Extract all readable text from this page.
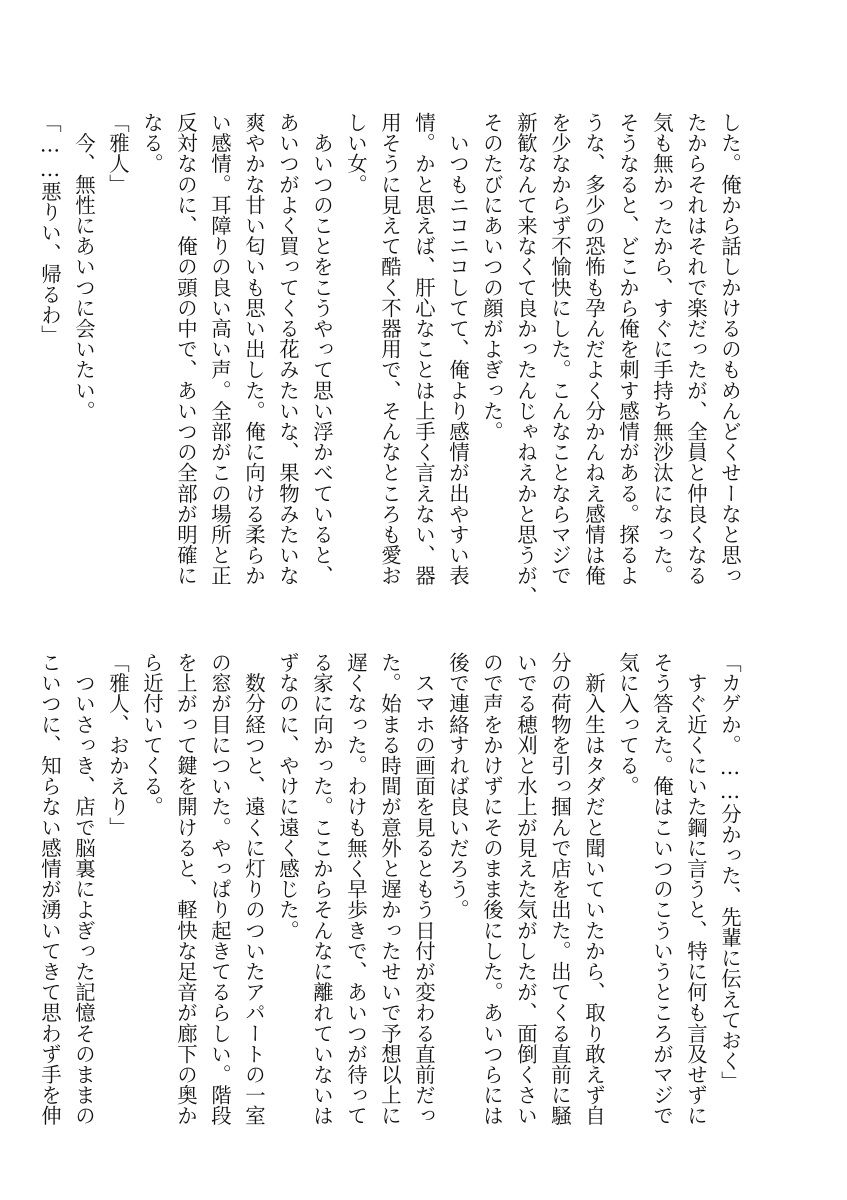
した。俺から話しかけるのもめんどくせーなと思っ
たからそれはそれで楽だったが、全員と仲良くなる
気も無かったから、すぐに手持ち無沙汰になった。
そうなると、どこから俺を刺す感情がある。探るよ
うな、多少の恐怖も孕んだよく分かんねえ感情は俺
を少なからず不愉快にした。こんなことならマジで
新歓なんて来なくて良かったんじゃねえかと思うが、
そのたびにあいつの顔がよぎった。
　いつもニコニコしてて、俺より感情が出やすい表
情。かと思えば、肝心なことは上手く言えない、器
用そうに見えて酷く不器用で、そんなところも愛お
しい女。
　あいつのことをこうやって思い浮かべていると、
あいつがよく買ってくる花みたいな、果物みたいな
爽やかな甘い匂いも思い出した。俺に向ける柔らか
い感情。耳障りの良い高い声。全部がこの場所と正
反対なのに、俺の頭の中で、あいつの全部が明確に
なる。
「雅人」
　今、無性にあいつに会いたい。
「……悪りい、帰るわ」
「カゲか。……分かった、先輩に伝えておく」
　すぐ近くにいた鋼に言うと、特に何も言及せずに
そう答えた。俺はこいつのこういうところがマジで
気に入ってる。
　新入生はタダだと聞いていたから、取り敢えず自
分の荷物を引っ掴んで店を出た。出てくる直前に騒
いでる穂刈と水上が見えた気がしたが、面倒くさい
ので声をかけずにそのまま後にした。あいつらには
後で連絡すれば良いだろう。
　スマホの画面を見るともう日付が変わる直前だっ
た。始まる時間が意外と遅かったせいで予想以上に
遅くなった。わけも無く早歩きで、あいつが待って
る家に向かった。ここからそんなに離れていないは
ずなのに、やけに遠く感じた。
　数分経つと、遠くに灯りのついたアパートの一室
の窓が目についた。やっぱり起きてるらしい。階段
を上がって鍵を開けると、軽快な足音が廊下の奥か
ら近付いてくる。
「雅人、おかえり」
　ついさっき、店で脳裏によぎった記憶そのままの
こいつに、知らない感情が湧いてきて思わず手を伸
